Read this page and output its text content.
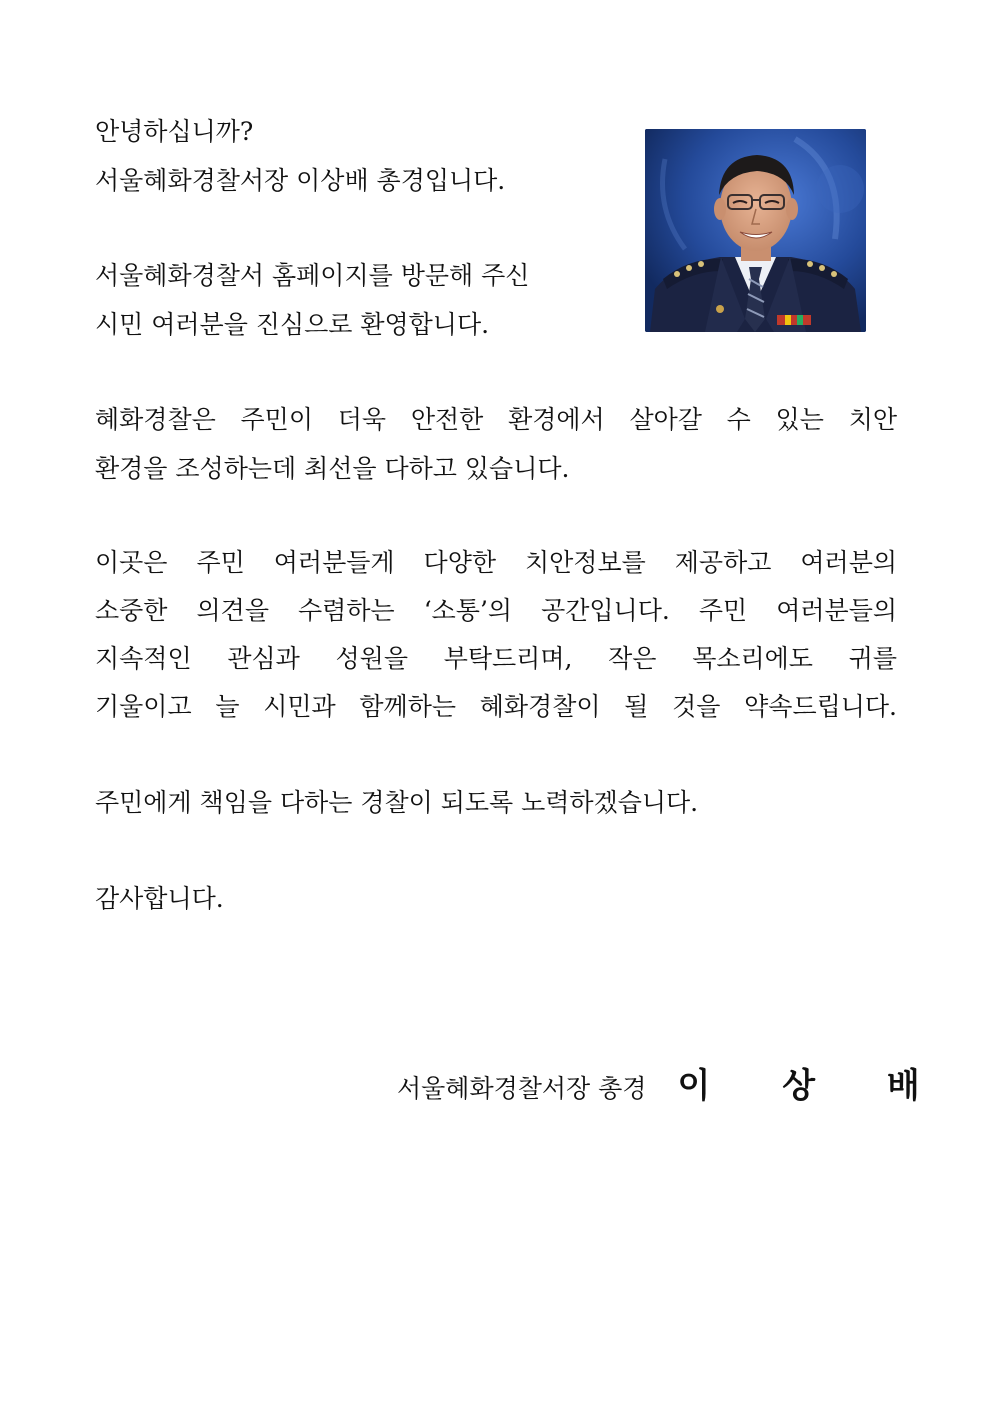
안녕하십니까?
서울혜화경찰서장 이상배 총경입니다.
서울혜화경찰서 홈페이지를 방문해 주신
시민 여러분을 진심으로 환영합니다.
혜화경찰은 주민이 더욱 안전한 환경에서 살아갈 수 있는 치안
환경을 조성하는데 최선을 다하고 있습니다.
이곳은 주민 여러분들게 다양한 치안정보를 제공하고 여러분의
소중한 의견을 수렴하는 ‘소통’의 공간입니다. 주민 여러분들의
지속적인 관심과 성원을 부탁드리며, 작은 목소리에도 귀를
기울이고 늘 시민과 함께하는 혜화경찰이 될 것을 약속드립니다.
주민에게 책임을 다하는 경찰이 되도록 노력하겠습니다.
감사합니다.
서울혜화경찰서장 총경 이 상 배
